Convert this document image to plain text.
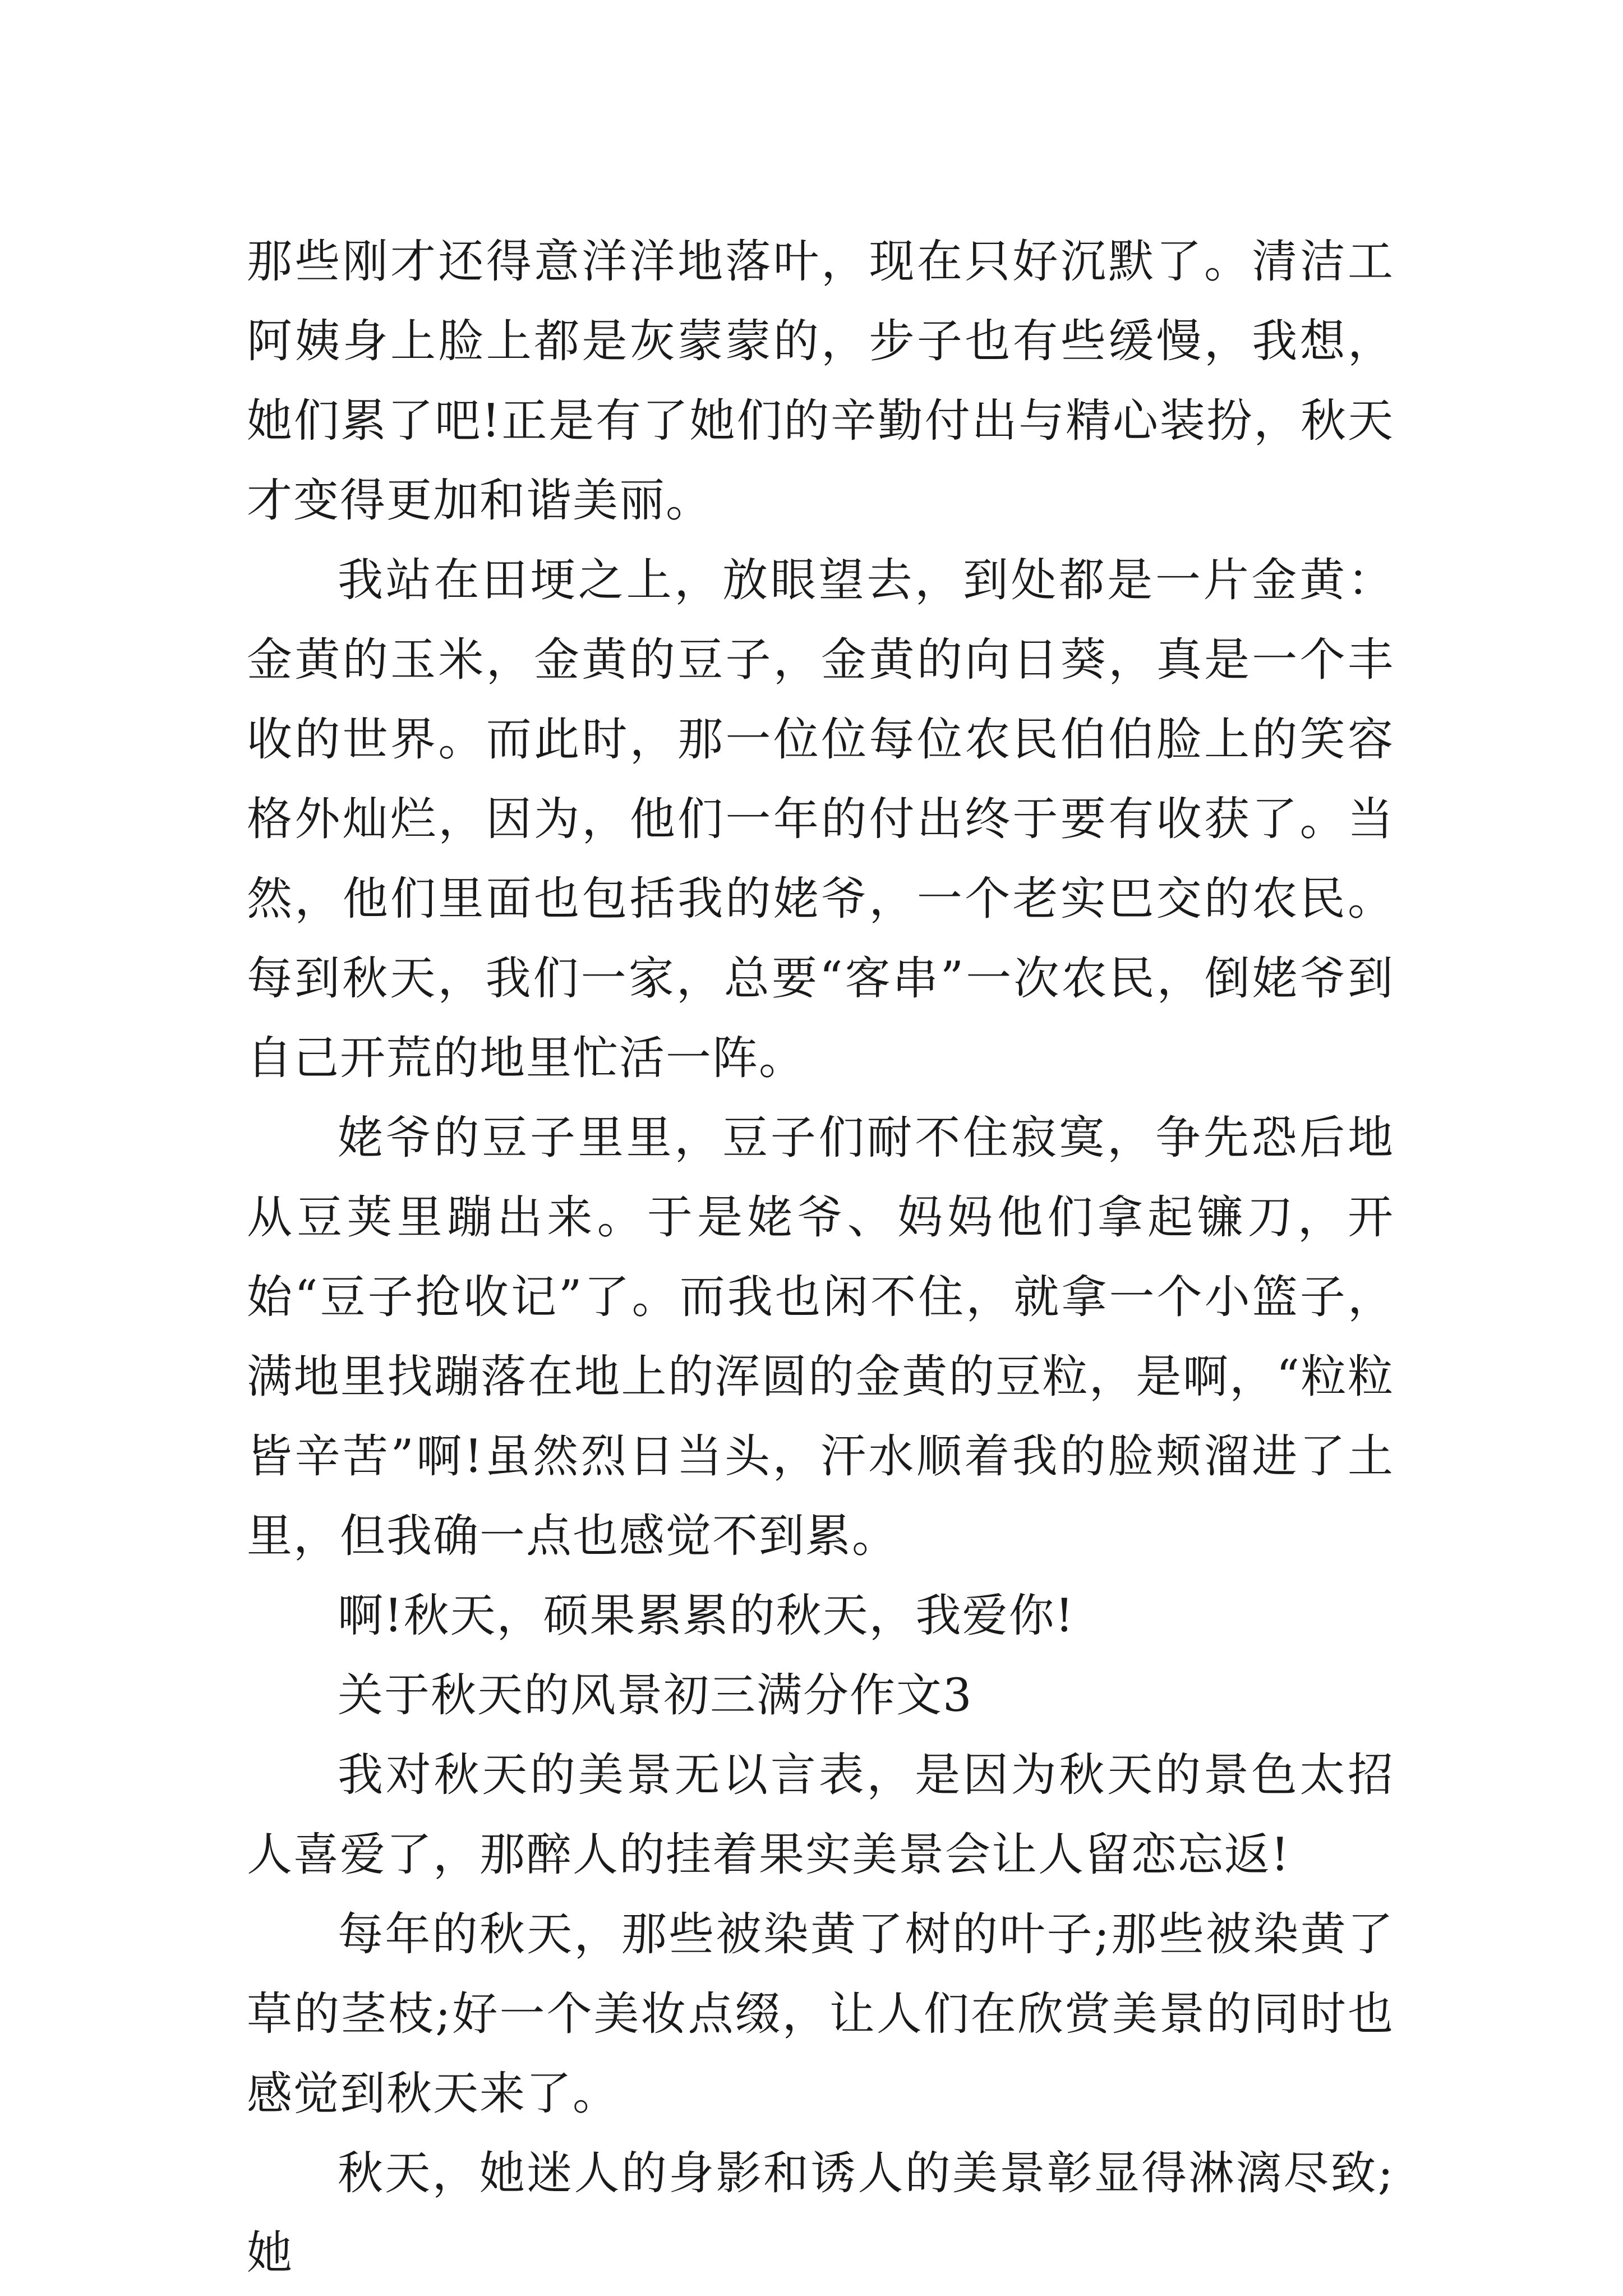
那些刚才还得意洋洋地落叶，现在只好沉默了。清洁工阿姨身上脸上都是灰蒙蒙的，步子也有些缓慢，我想，她们累了吧!正是有了她们的辛勤付出与精心装扮，秋天才变得更加和谐美丽。

我站在田埂之上，放眼望去，到处都是一片金黄：金黄的玉米，金黄的豆子，金黄的向日葵，真是一个丰收的世界。而此时，那一位位每位农民伯伯脸上的笑容格外灿烂，因为，他们一年的付出终于要有收获了。当然，他们里面也包括我的姥爷，一个老实巴交的农民。每到秋天，我们一家，总要“客串”一次农民，倒姥爷到自己开荒的地里忙活一阵。

姥爷的豆子里里，豆子们耐不住寂寞，争先恐后地从豆荚里蹦出来。于是姥爷、妈妈他们拿起镰刀，开始“豆子抢收记”了。而我也闲不住，就拿一个小篮子，满地里找蹦落在地上的浑圆的金黄的豆粒，是啊，“粒粒皆辛苦”啊!虽然烈日当头，汗水顺着我的脸颊溜进了土里，但我确一点也感觉不到累。

啊!秋天，硕果累累的秋天，我爱你!

关于秋天的风景初三满分作文3

我对秋天的美景无以言表，是因为秋天的景色太招人喜爱了，那醉人的挂着果实美景会让人留恋忘返!

每年的秋天，那些被染黄了树的叶子;那些被染黄了草的茎枝;好一个美妆点缀，让人们在欣赏美景的同时也感觉到秋天来了。

秋天，她迷人的身影和诱人的美景彰显得淋漓尽致;她
